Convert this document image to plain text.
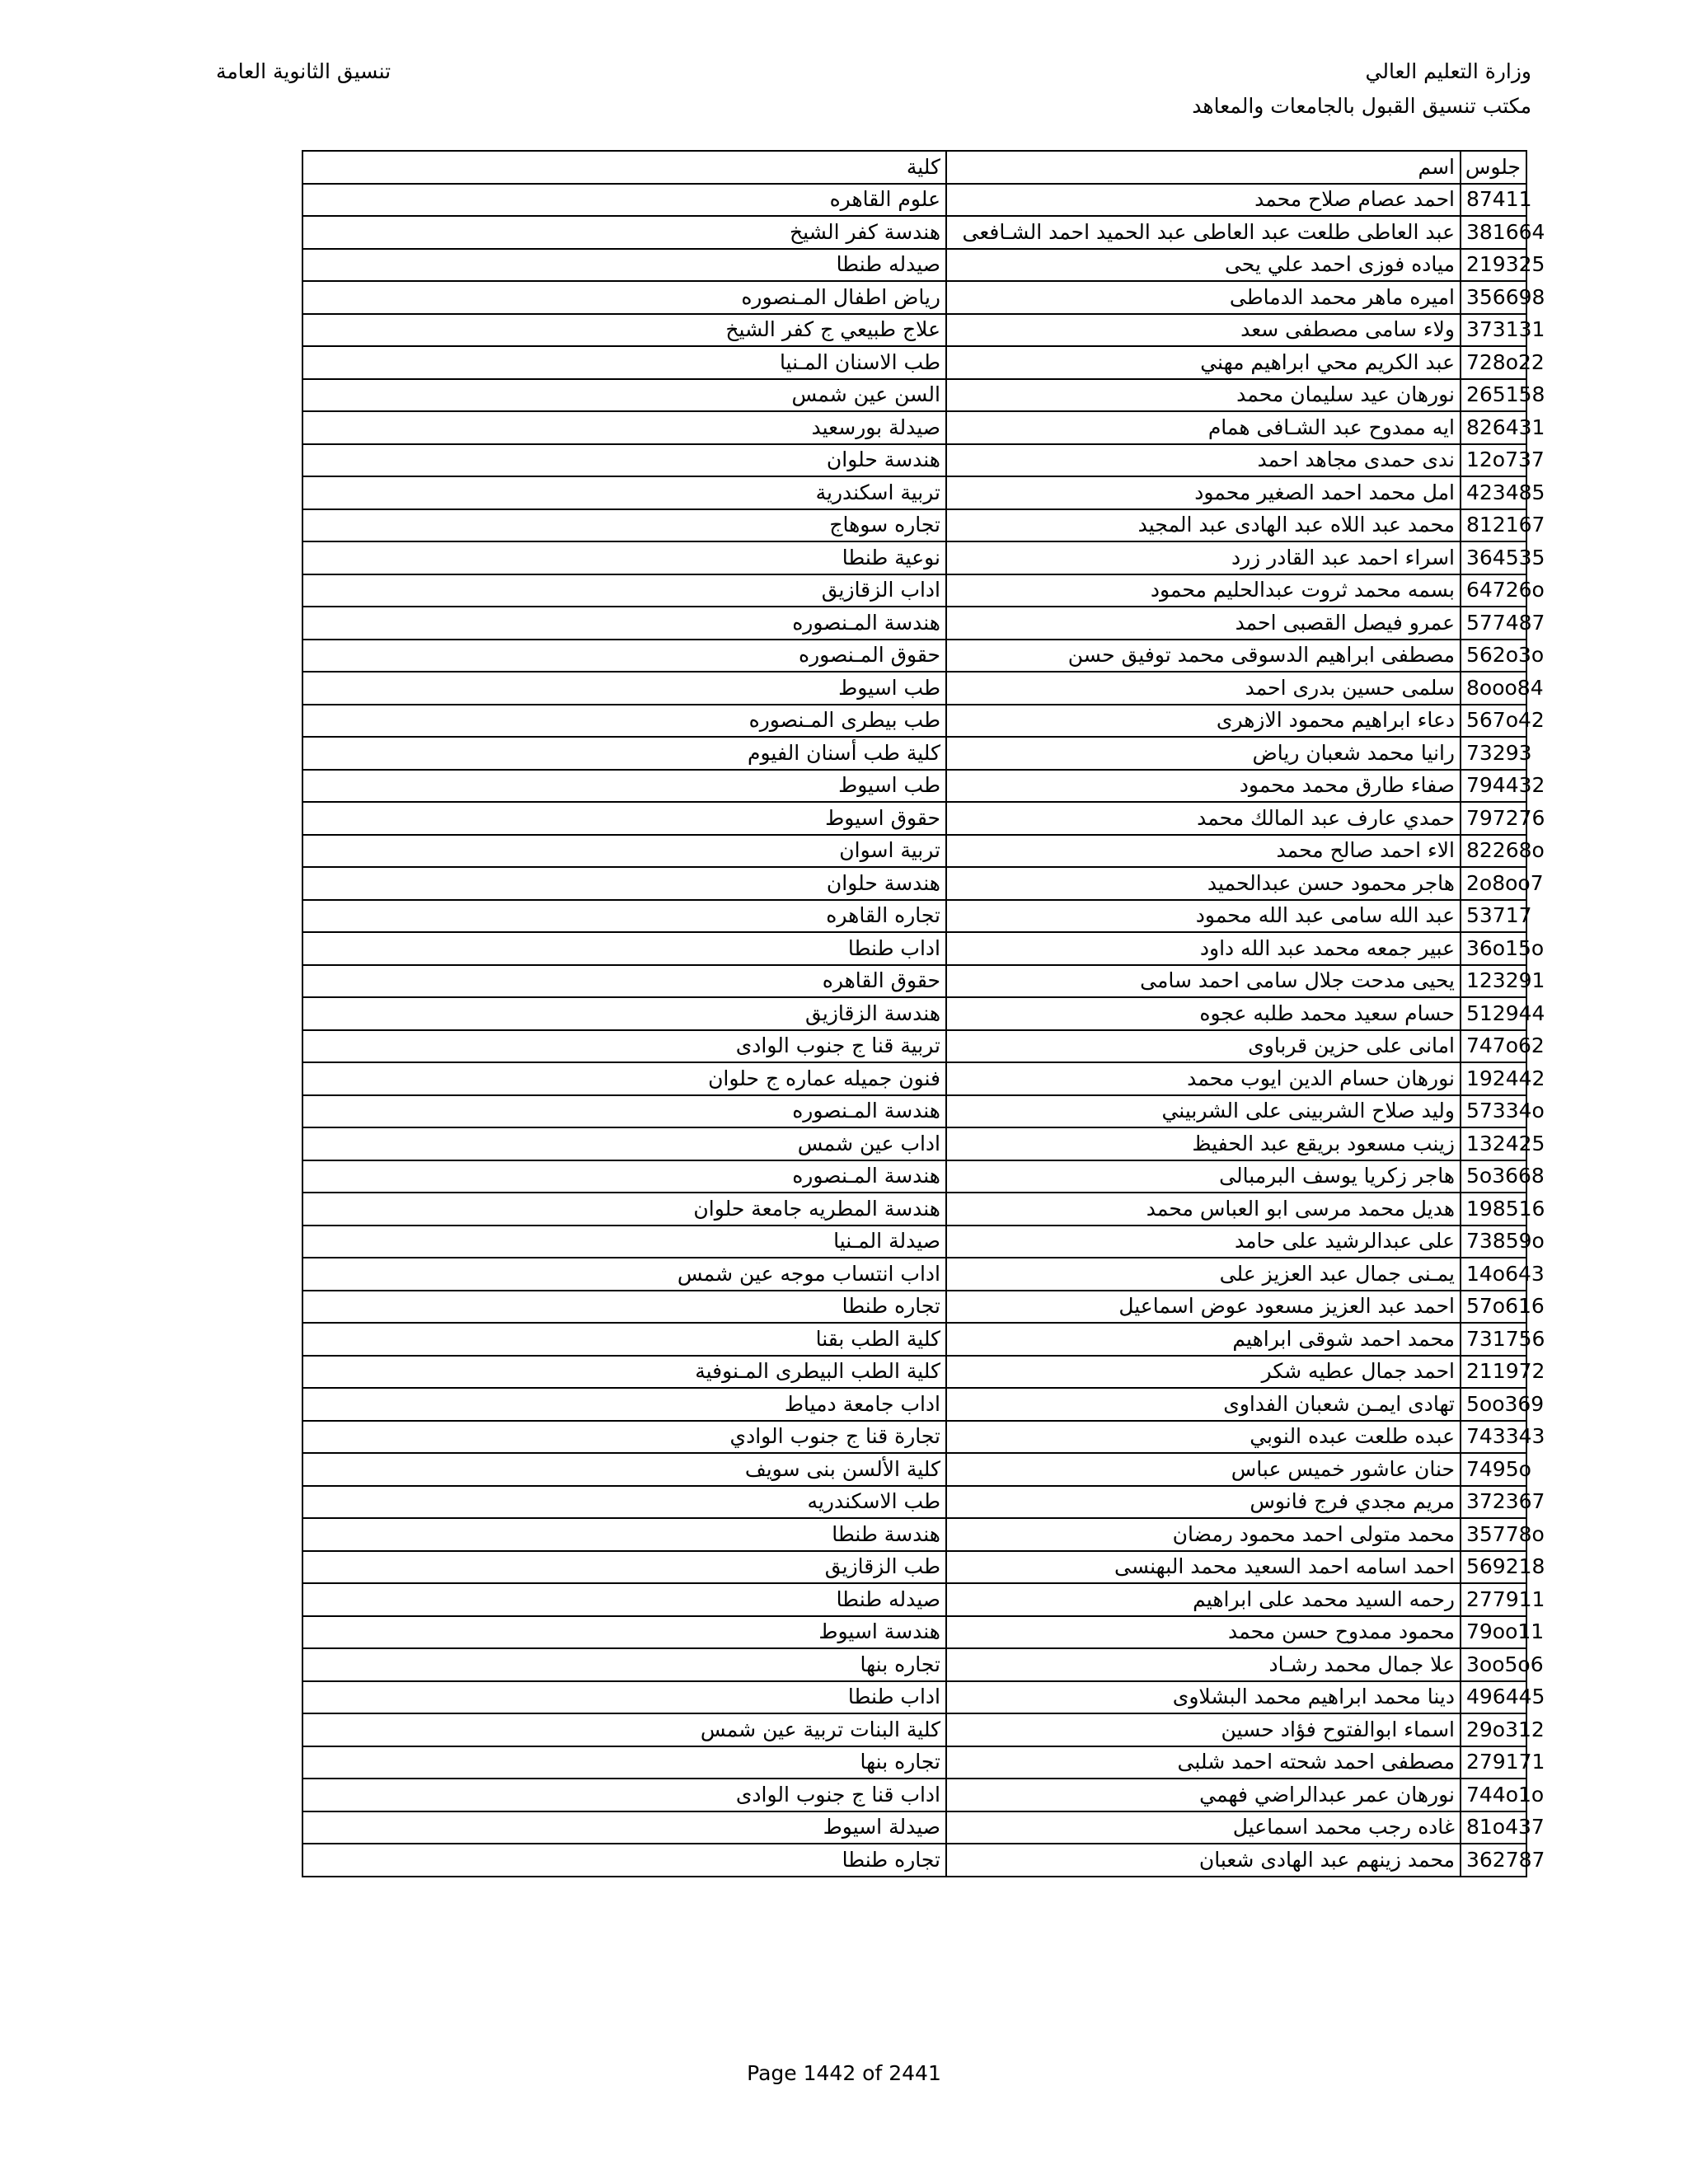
وزارة التعليم العالي
مكتب تنسيق القبول بالجامعات والمعاهد
تنسيق الثانوية العامة
جلوس	اسم	كلية
87411	احمد عصام صلاح محمد	علوم القاهره
381664	عبد العاطى طلعت عبد العاطى عبد الحميد احمد الشـافعى	هندسة كفر الشيخ
219325	مياده فوزى احمد علي يحى	صيدله طنطا
356698	اميره ماهر محمد الدماطى	رياض اطفال المـنصوره
373131	ولاء سامى مصطفى سعد	علاج طبيعي ج كفر الشيخ
728o22	عبد الكريم محي ابراهيم مهني	طب الاسنان المـنيا
265158	نورهان عيد سليمان محمد	السن عين شمس
826431	ايه ممدوح عبد الشـافى همام	صيدلة بورسعيد
12o737	ندى حمدى مجاهد احمد	هندسة حلوان
423485	امل محمد احمد الصغير محمود	تربية اسكندرية
812167	محمد عبد اللاه عبد الهادى عبد المجيد	تجاره سوهاج
364535	اسراء احمد عبد القادر زرد	نوعية طنطا
64726o	بسمه محمد ثروت عبدالحليم محمود	اداب الزقازيق
577487	عمرو فيصل القصبى احمد	هندسة المـنصوره
562o3o	مصطفى ابراهيم الدسوقى محمد توفيق حسن	حقوق المـنصوره
8ooo84	سلمى حسين بدرى احمد	طب اسيوط
567o42	دعاء ابراهيم محمود الازهرى	طب بيطرى المـنصوره
73293	رانيا محمد شعبان رياض	كلية طب أسنان الفيوم
794432	صفاء طارق محمد محمود	طب اسيوط
797276	حمدي عارف عبد المالك محمد	حقوق اسيوط
82268o	الاء احمد صالح محمد	تربية اسوان
2o8oo7	هاجر محمود حسن عبدالحميد	هندسة حلوان
53717	عبد الله سامى عبد الله محمود	تجاره القاهره
36o15o	عبير جمعه محمد عبد الله داود	اداب طنطا
123291	يحيى مدحت جلال سامى احمد سامى	حقوق القاهره
512944	حسام سعيد محمد طلبه عجوه	هندسة الزقازيق
747o62	امانى على حزين قرباوى	تربية قنا ج جنوب الوادى
192442	نورهان حسام الدين ايوب محمد	فنون جميله عماره ج حلوان
57334o	وليد صلاح الشربينى على الشربيني	هندسة المـنصوره
132425	زينب مسعود بريقع عبد الحفيظ	اداب عين شمس
5o3668	هاجر زكريا يوسف البرمبالى	هندسة المـنصوره
198516	هديل محمد مرسى ابو العباس محمد	هندسة المطريه جامعة حلوان
73859o	على عبدالرشيد على حامد	صيدلة المـنيا
14o643	يمـنى جمال عبد العزيز على	اداب انتساب موجه عين شمس
57o616	احمد عبد العزيز مسعود عوض اسماعيل	تجاره طنطا
731756	محمد احمد شوقى ابراهيم	كلية الطب بقنا
211972	احمد جمال عطيه شكر	كلية الطب البيطرى المـنوفية
5oo369	تهادى ايمـن شعبان الفداوى	اداب جامعة دمياط
743343	عبده طلعت عبده النوبي	تجارة قنا ج جنوب الوادي
7495o	حنان عاشور خميس عباس	كلية الألسن بنى سويف
372367	مريم مجدي فرج فانوس	طب الاسكندريه
35778o	محمد متولى احمد محمود رمضان	هندسة طنطا
569218	احمد اسامه احمد السعيد محمد البهنسى	طب الزقازيق
277911	رحمه السيد محمد على ابراهيم	صيدله طنطا
79oo11	محمود ممدوح حسن محمد	هندسة اسيوط
3oo5o6	علا جمال محمد رشـاد	تجاره بنها
496445	دينا محمد ابراهيم محمد البشلاوى	اداب طنطا
29o312	اسماء ابوالفتوح فؤاد حسين	كلية البنات تربية عين شمس
279171	مصطفى احمد شحته احمد شلبى	تجاره بنها
744o1o	نورهان عمر عبدالراضي فهمي	اداب قنا ج جنوب الوادى
81o437	غاده رجب محمد اسماعيل	صيدلة اسيوط
362787	محمد زينهم عبد الهادى شعبان	تجاره طنطا
Page 1442 of 2441
